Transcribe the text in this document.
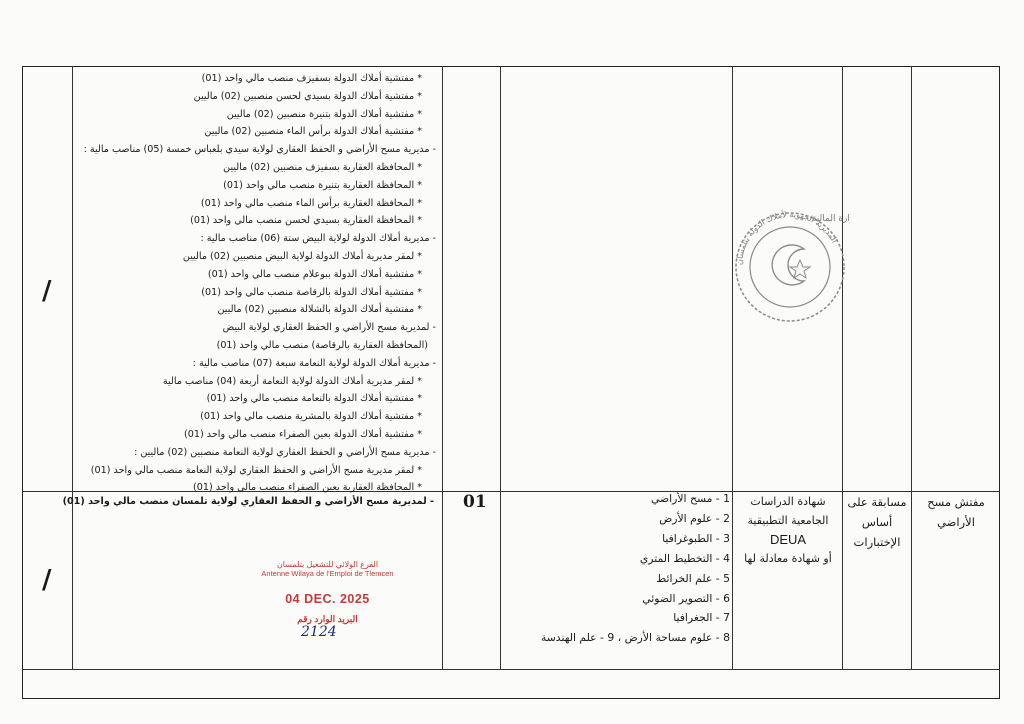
/
/
* مفتشية أملاك الدولة بسفيزف منصب مالي واحد (01)
* مفتشية أملاك الدولة بسيدي لحسن منصبين (02) ماليين
* مفتشية أملاك الدولة بتنيرة منصبين (02) ماليين
* مفتشية أملاك الدولة برأس الماء منصبين (02) ماليين
- مديرية مسح الأراضي و الحفظ العقاري لولاية سيدي بلعباس خمسة (05) مناصب مالية :
* المحافظة العقارية بسفيزف منصبين (02) ماليين
* المحافظة العقارية بتنيرة منصب مالي واحد (01)
* المحافظة العقارية برأس الماء منصب مالي واحد (01)
* المحافظة العقارية بسيدي لحسن منصب مالي واحد (01)
- مديرية أملاك الدولة لولاية البيض ستة (06) مناصب مالية :
* لمقر مديرية أملاك الدولة لولاية البيض منصبين (02) ماليين
* مفتشية أملاك الدولة ببوعلام منصب مالي واحد (01)
* مفتشية أملاك الدولة بالرقاصة منصب مالي واحد (01)
* مفتشية أملاك الدولة بالشلالة منصبين (02) ماليين
- لمديرية مسح الأراضي و الحفظ العقاري لولاية البيض
(المحافظة العقارية بالرقاصة) منصب مالي واحد (01)
- مديرية أملاك الدولة لولاية النعامة سبعة (07) مناصب مالية :
* لمقر مديرية أملاك الدولة لولاية النعامة أربعة (04) مناصب مالية
* مفتشية أملاك الدولة بالنعامة منصب مالي واحد (01)
* مفتشية أملاك الدولة بالمشرية منصب مالي واحد (01)
* مفتشية أملاك الدولة بعين الصفراء منصب مالي واحد (01)
- مديرية مسح الأراضي و الحفظ العقاري لولاية النعامة منصبين (02) ماليين :
* لمقر مديرية مسح الأراضي و الحفظ العقاري لولاية النعامة منصب مالي واحد (01)
* المحافظة العقارية بعين الصفراء منصب مالي واحد (01)
- لمديرية مسح الأراضي و الحفظ العقاري لولاية تلمسان منصب مالي واحد (01) 01	1 - مسح الأراضي
2 - علوم الأرض
3 - الطبوغرافيا
4 - التخطيط المتري
5 - علم الخرائط
6 - التصوير الضوئي
7 - الجغرافيا
8 - علوم مساحة الأرض ، 9 - علم الهندسة
شهادة الدراسات
الجامعية التطبيقية
DEUA
أو شهادة معادلة لها
مسابقة على أساس الإختبارات
مفتش مسح الأراضي
المديرية الجهوية لأملاك الدولة بتلمسان
ارة المالية
الفرع الولائي للتشغيل بتلمسان
Antenne Wilaya de l'Emploi de Tlemcen
04 DEC. 2025
البريد الوارد رقم
2124
